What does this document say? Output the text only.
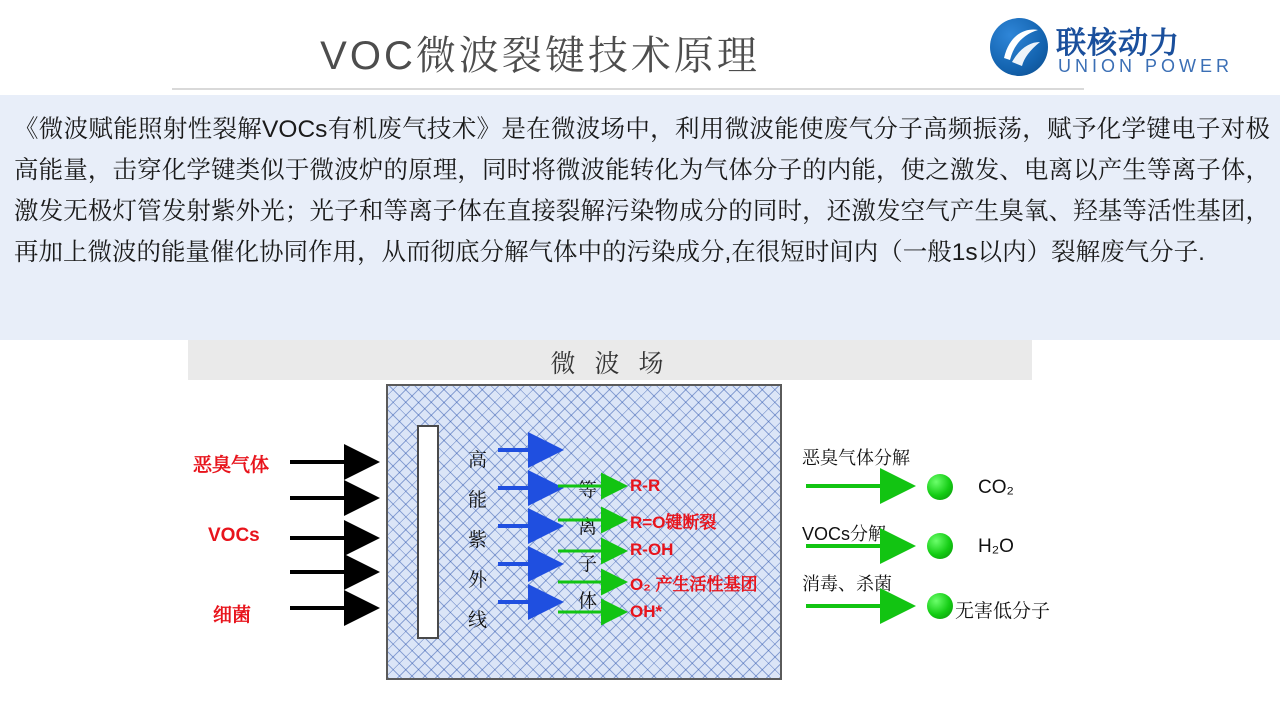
VOC微波裂键技术原理	联核动力
UNION POWER
《微波赋能照射性裂解VOCs有机废气技术》是在微波场中，利用微波能使废气分子高频振荡，赋予化学键电子对极高能量，击穿化学键类似于微波炉的原理，同时将微波能转化为气体分子的内能，使之激发、电离以产生等离子体，激发无极灯管发射紫外光；光子和等离子体在直接裂解污染物成分的同时，还激发空气产生臭氧、羟基等活性基团，再加上微波的能量催化协同作用，从而彻底分解气体中的污染成分,在很短时间内（一般1s以内）裂解废气分子.
微 波 场
恶臭气体
VOCs
细菌
高
能
紫
外
线
等
离
子
体
R-R
R=O键断裂
R-OH
O₂ 产生活性基团
OH*
恶臭气体分解
VOCs分解
消毒、杀菌
CO₂
H₂O
无害低分子
